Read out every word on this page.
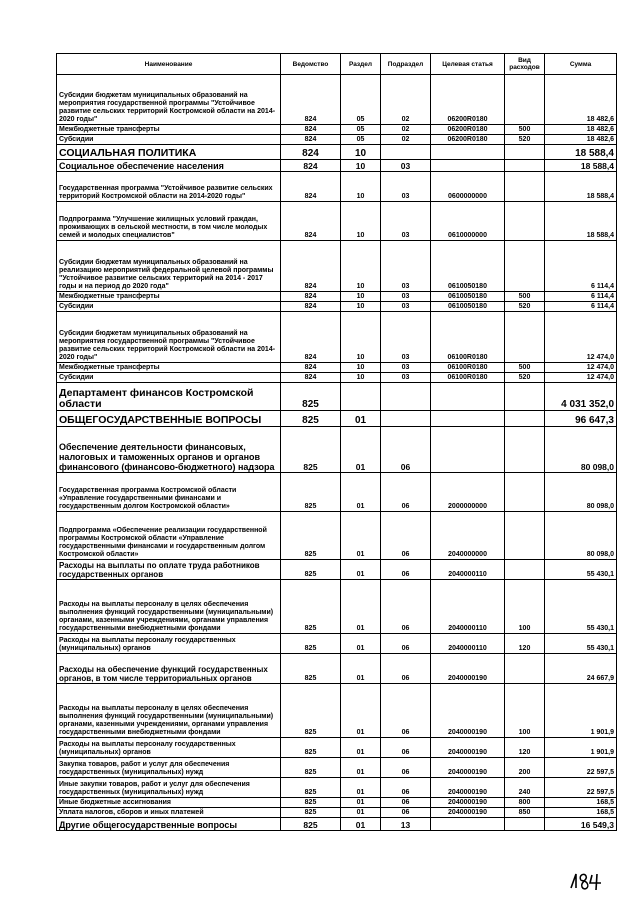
Наименование	Ведомство	Раздел	Подраздел	Целевая статья	Вид расходов	Сумма
Субсидии бюджетам муниципальных образований на мероприятия государственной программы "Устойчивое развитие сельских территорий Костромской области на 2014-2020 годы"	824	05	02	06200R0180		18 482,6
Межбюджетные трансферты	824	05	02	06200R0180	500	18 482,6
Субсидии	824	05	02	06200R0180	520	18 482,6
СОЦИАЛЬНАЯ ПОЛИТИКА	824	10				18 588,4
Социальное обеспечение населения	824	10	03			18 588,4
Государственная программа "Устойчивое развитие сельских территорий Костромской области на 2014-2020 годы"	824	10	03	0600000000		18 588,4
Подпрограмма "Улучшение жилищных условий граждан, проживающих в сельской местности, в том числе молодых семей и молодых специалистов"	824	10	03	0610000000		18 588,4
Субсидии бюджетам муниципальных образований на реализацию мероприятий федеральной целевой программы "Устойчивое развитие сельских территорий на 2014 - 2017 годы и на период до 2020 года"	824	10	03	0610050180		6 114,4
Межбюджетные трансферты	824	10	03	0610050180	500	6 114,4
Субсидии	824	10	03	0610050180	520	6 114,4
Субсидии бюджетам муниципальных образований на мероприятия государственной программы "Устойчивое развитие сельских территорий Костромской области на 2014-2020 годы"	824	10	03	06100R0180		12 474,0
Межбюджетные трансферты	824	10	03	06100R0180	500	12 474,0
Субсидии	824	10	03	06100R0180	520	12 474,0
Департамент финансов Костромской области	825					4 031 352,0
ОБЩЕГОСУДАРСТВЕННЫЕ ВОПРОСЫ	825	01				96 647,3
Обеспечение деятельности финансовых, налоговых и таможенных органов и органов финансового (финансово-бюджетного) надзора	825	01	06			80 098,0
Государственная программа Костромской области «Управление государственными финансами и государственным долгом Костромской области»	825	01	06	2000000000		80 098,0
Подпрограмма «Обеспечение реализации государственной программы Костромской области «Управление государственными финансами и государственным долгом Костромской области»	825	01	06	2040000000		80 098,0
Расходы на выплаты по оплате труда работников государственных органов	825	01	06	2040000110		55 430,1
Расходы на выплаты персоналу в целях обеспечения выполнения функций государственными (муниципальными) органами, казенными учреждениями, органами управления государственными внебюджетными фондами	825	01	06	2040000110	100	55 430,1
Расходы на выплаты персоналу государственных (муниципальных) органов	825	01	06	2040000110	120	55 430,1
Расходы на обеспечение функций государственных органов, в том числе территориальных органов	825	01	06	2040000190		24 667,9
Расходы на выплаты персоналу в целях обеспечения выполнения функций государственными (муниципальными) органами, казенными учреждениями, органами управления государственными внебюджетными фондами	825	01	06	2040000190	100	1 901,9
Расходы на выплаты персоналу государственных (муниципальных) органов	825	01	06	2040000190	120	1 901,9
Закупка товаров, работ и услуг для обеспечения государственных (муниципальных) нужд	825	01	06	2040000190	200	22 597,5
Иные закупки товаров, работ и услуг для обеспечения государственных (муниципальных) нужд	825	01	06	2040000190	240	22 597,5
Иные бюджетные ассигнования	825	01	06	2040000190	800	168,5
Уплата налогов, сборов и иных платежей	825	01	06	2040000190	850	168,5
Другие общегосударственные вопросы	825	01	13			16 549,3
